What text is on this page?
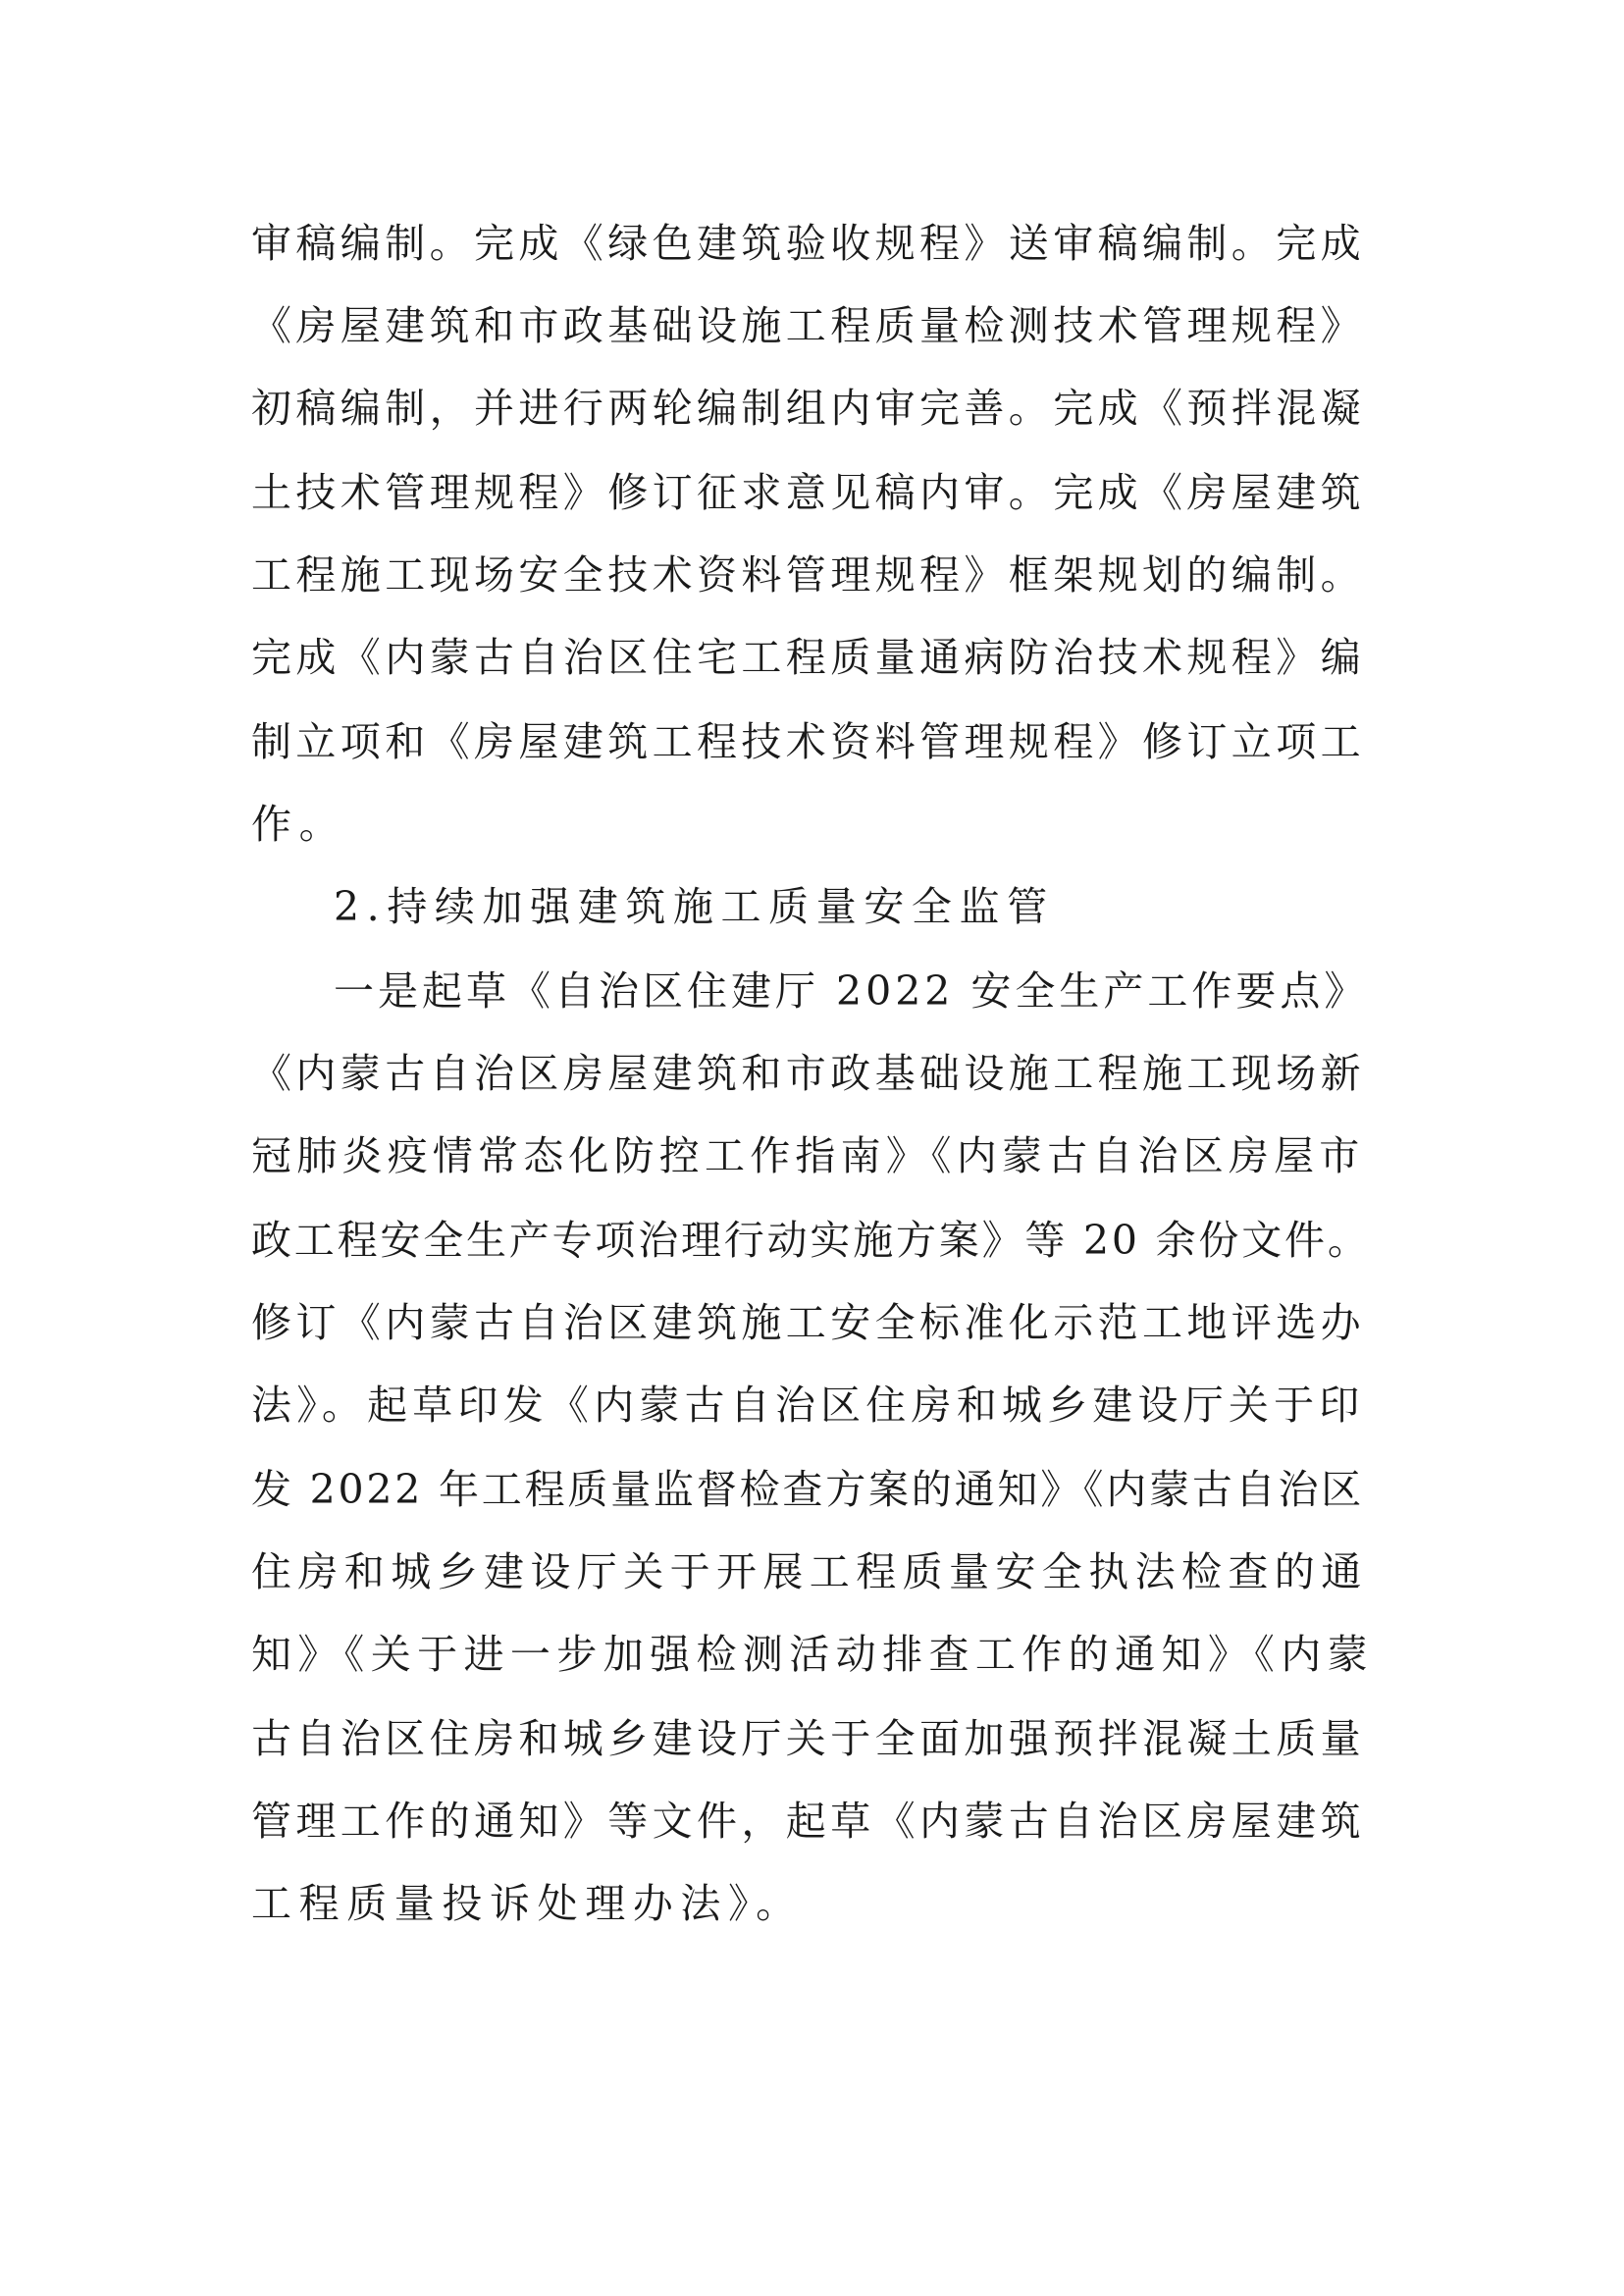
审稿编制。完成《绿色建筑验收规程》送审稿编制。完成
《房屋建筑和市政基础设施工程质量检测技术管理规程》
初稿编制，并进行两轮编制组内审完善。完成《预拌混凝
土技术管理规程》修订征求意见稿内审。完成《房屋建筑
工程施工现场安全技术资料管理规程》框架规划的编制。
完成《内蒙古自治区住宅工程质量通病防治技术规程》编
制立项和《房屋建筑工程技术资料管理规程》修订立项工
作。
2.持续加强建筑施工质量安全监管
一是起草《自治区住建厅 2022 安全生产工作要点》
《内蒙古自治区房屋建筑和市政基础设施工程施工现场新
冠肺炎疫情常态化防控工作指南》《内蒙古自治区房屋市
政工程安全生产专项治理行动实施方案》等 20 余份文件。
修订《内蒙古自治区建筑施工安全标准化示范工地评选办
法》。起草印发《内蒙古自治区住房和城乡建设厅关于印
发 2022 年工程质量监督检查方案的通知》《内蒙古自治区
住房和城乡建设厅关于开展工程质量安全执法检查的通
知》《关于进一步加强检测活动排查工作的通知》《内蒙
古自治区住房和城乡建设厅关于全面加强预拌混凝土质量
管理工作的通知》等文件，起草《内蒙古自治区房屋建筑
工程质量投诉处理办法》。
